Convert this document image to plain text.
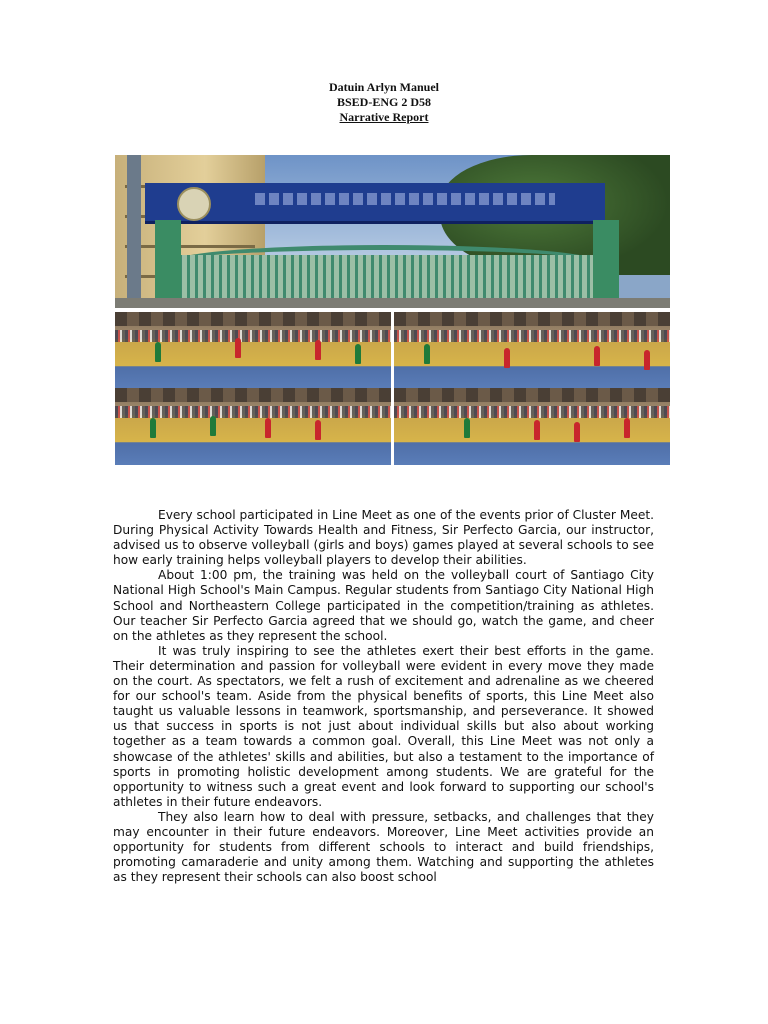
Datuin Arlyn Manuel
BSED-ENG 2 D58
Narrative Report

Every school participated in Line Meet as one of the events prior of Cluster Meet. During Physical Activity Towards Health and Fitness, Sir Perfecto Garcia, our instructor, advised us to observe volleyball (girls and boys) games played at several schools to see how early training helps volleyball players to develop their abilities.

About 1:00 pm, the training was held on the volleyball court of Santiago City National High School's Main Campus. Regular students from Santiago City National High School and Northeastern College participated in the competition/training as athletes. Our teacher Sir Perfecto Garcia agreed that we should go, watch the game, and cheer on the athletes as they represent the school.

It was truly inspiring to see the athletes exert their best efforts in the game. Their determination and passion for volleyball were evident in every move they made on the court. As spectators, we felt a rush of excitement and adrenaline as we cheered for our school's team. Aside from the physical benefits of sports, this Line Meet also taught us valuable lessons in teamwork, sportsmanship, and perseverance. It showed us that success in sports is not just about individual skills but also about working together as a team towards a common goal. Overall, this Line Meet was not only a showcase of the athletes' skills and abilities, but also a testament to the importance of sports in promoting holistic development among students. We are grateful for the opportunity to witness such a great event and look forward to supporting our school's athletes in their future endeavors.

They also learn how to deal with pressure, setbacks, and challenges that they may encounter in their future endeavors. Moreover, Line Meet activities provide an opportunity for students from different schools to interact and build friendships, promoting camaraderie and unity among them. Watching and supporting the athletes as they represent their schools can also boost school
